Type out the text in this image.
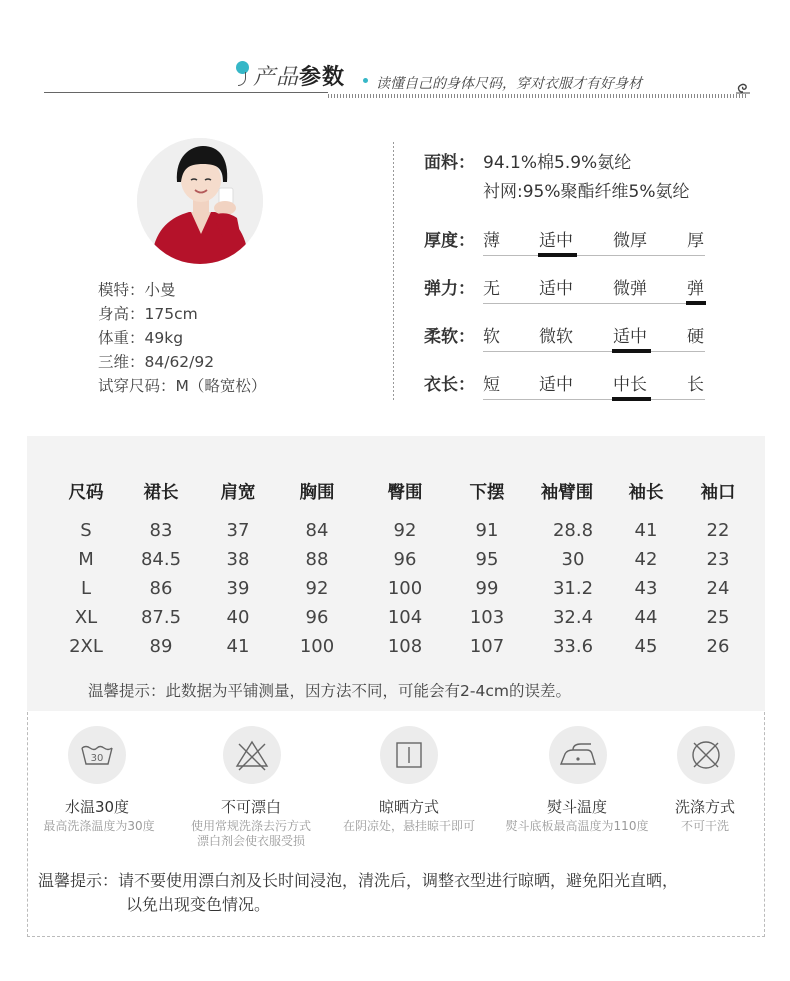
产品参数 读懂自己的身体尺码，穿对衣服才有好身材
模特：小曼
身高：175cm
体重：49kg
三维：84/62/92
试穿尺码：M（略宽松）
面料： 94.1%棉5.9%氨纶
衬网:95%聚酯纤维5%氨纶
厚度： 薄 适中 微厚 厚
弹力： 无 适中 微弹 弹
柔软： 软 微软 适中 硬
衣长： 短 适中 中长 长
尺码 裙长 肩宽	胸围	臀围	下摆 袖臂围 袖长 袖口
S	83	37	84	92	91	28.8 41	22
M	84.5	38	88	96	95	30	42	23
L	86	39	92	100	99	31.2 43	24
XL 87.5	40	96	104	103	32.4 44	25
2XL	89	41	100	108	107	33.6 45	26
温馨提示：此数据为平铺测量，因方法不同，可能会有2-4cm的误差。
30
水温30度	不可漂白	晾晒方式	熨斗温度	洗涤方式
最高洗涤温度为30度	使用常规洗涤去污方式
漂白剂会使衣服受损
在阴凉处，悬挂晾干即可	熨斗底板最高温度为110度	不可干洗
温馨提示：请不要使用漂白剂及长时间浸泡，清洗后，调整衣型进行晾晒，避免阳光直晒，
以免出现变色情况。
